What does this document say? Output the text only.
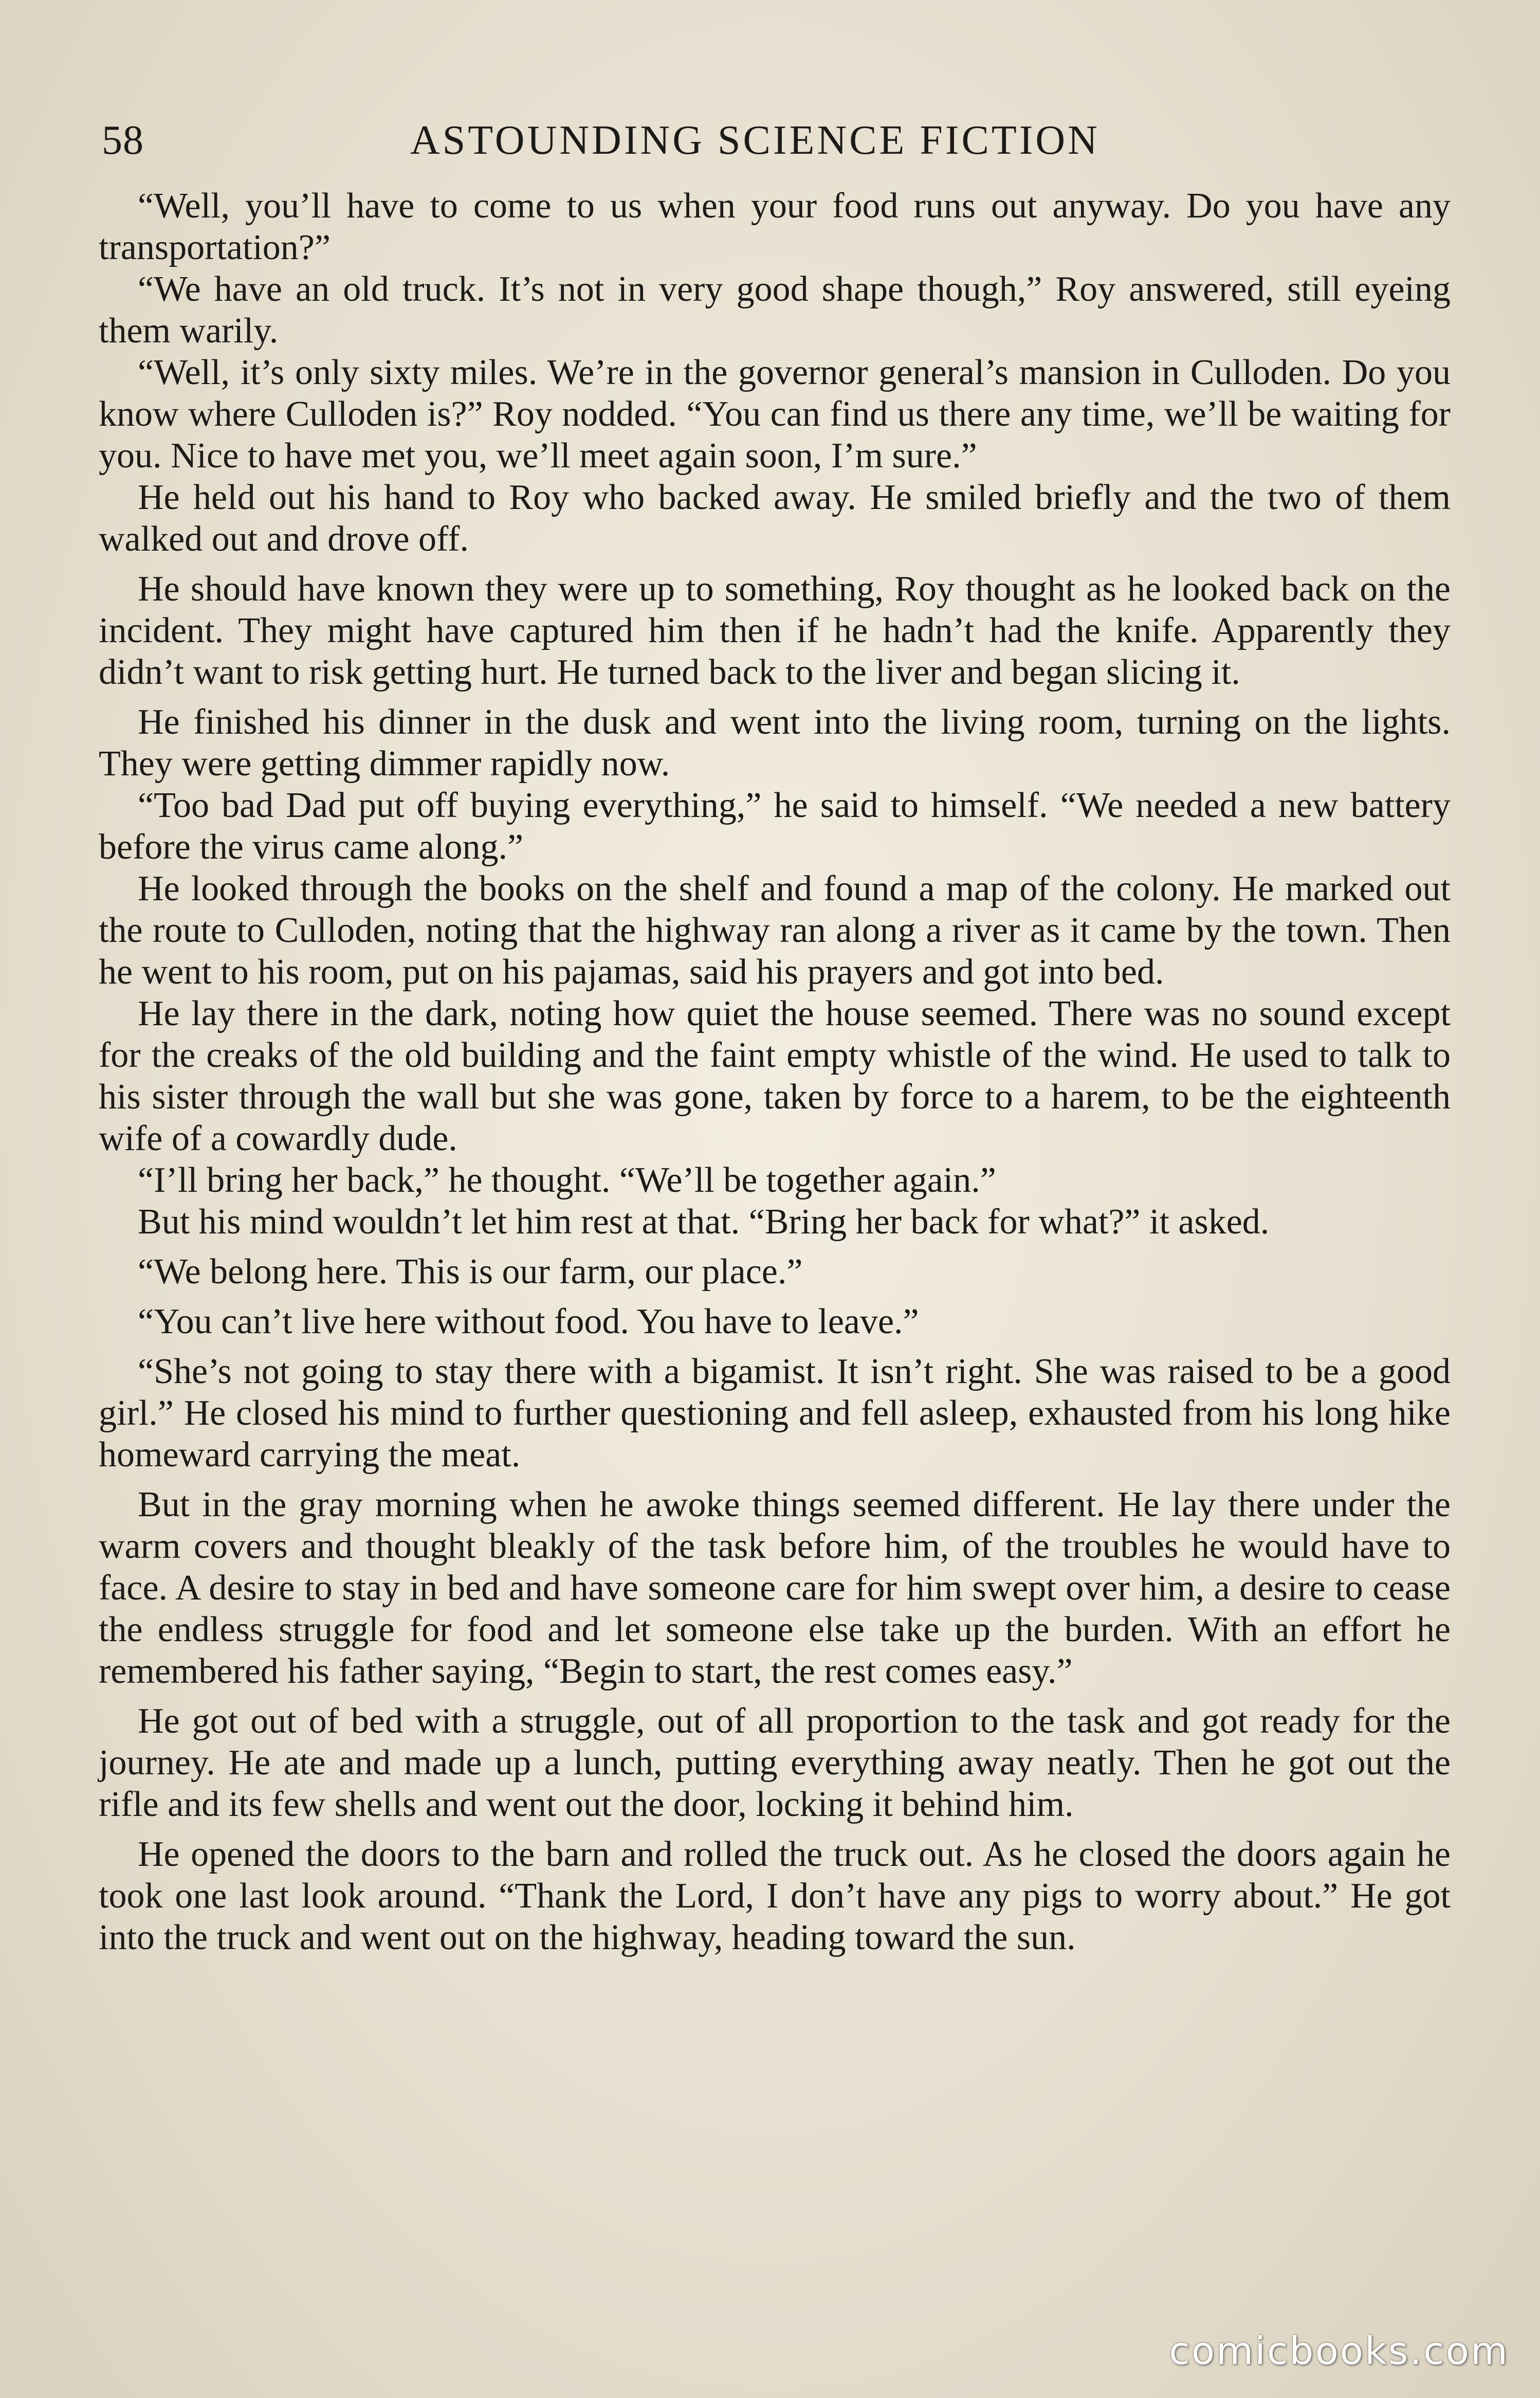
58	ASTOUNDING SCIENCE FICTION

“Well, you’ll have to come to us when your food runs out anyway. Do you have any transportation?”

“We have an old truck. It’s not in very good shape though,” Roy answered, still eyeing them warily.

“Well, it’s only sixty miles. We’re in the governor general’s mansion in Culloden. Do you know where Culloden is?” Roy nodded. “You can find us there any time, we’ll be waiting for you. Nice to have met you, we’ll meet again soon, I’m sure.”

He held out his hand to Roy who backed away. He smiled briefly and the two of them walked out and drove off.

He should have known they were up to something, Roy thought as he looked back on the incident. They might have captured him then if he hadn’t had the knife. Apparently they didn’t want to risk getting hurt. He turned back to the liver and began slicing it.

He finished his dinner in the dusk and went into the living room, turning on the lights. They were getting dimmer rapidly now.

“Too bad Dad put off buying everything,” he said to himself. “We needed a new battery before the virus came along.”

He looked through the books on the shelf and found a map of the colony. He marked out the route to Culloden, noting that the highway ran along a river as it came by the town. Then he went to his room, put on his pajamas, said his prayers and got into bed.

He lay there in the dark, noting how quiet the house seemed. There was no sound except for the creaks of the old building and the faint empty whistle of the wind. He used to talk to his sister through the wall but she was gone, taken by force to a harem, to be the eighteenth wife of a cowardly dude.

“I’ll bring her back,” he thought. “We’ll be together again.”

But his mind wouldn’t let him rest at that. “Bring her back for what?” it asked.

“We belong here. This is our farm, our place.”

“You can’t live here without food. You have to leave.”

“She’s not going to stay there with a bigamist. It isn’t right. She was raised to be a good girl.” He closed his mind to further questioning and fell asleep, exhausted from his long hike homeward carrying the meat.

But in the gray morning when he awoke things seemed different. He lay there under the warm covers and thought bleakly of the task before him, of the troubles he would have to face. A desire to stay in bed and have someone care for him swept over him, a desire to cease the endless struggle for food and let someone else take up the burden. With an effort he remembered his father saying, “Begin to start, the rest comes easy.”

He got out of bed with a struggle, out of all proportion to the task and got ready for the journey. He ate and made up a lunch, putting everything away neatly. Then he got out the rifle and its few shells and went out the door, locking it behind him.

He opened the doors to the barn and rolled the truck out. As he closed the doors again he took one last look around. “Thank the Lord, I don’t have any pigs to worry about.” He got into the truck and went out on the highway, heading toward the sun.

comicbooks.com
